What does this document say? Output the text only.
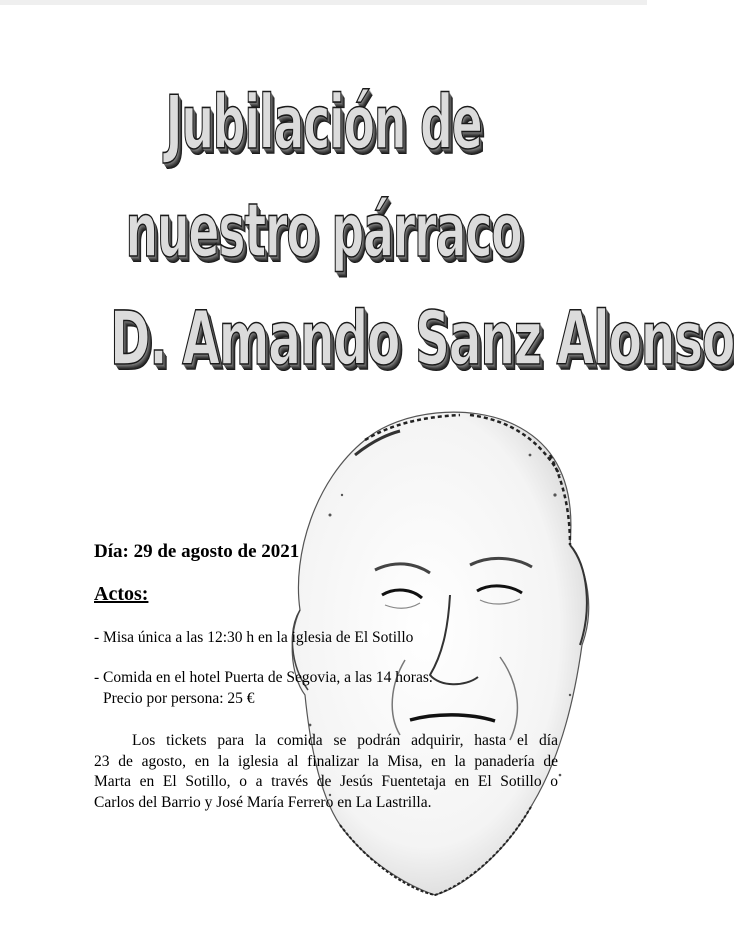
Jubilación de
nuestro párraco
D. Amando Sanz Alonso
Día: 29 de agosto de 2021
Actos:
- Misa única a las 12:30 h en la iglesia de El Sotillo
- Comida en el hotel Puerta de Segovia, a las 14 horas.
Precio por persona: 25 €
Los tickets para la comida se podrán adquirir, hasta el día
23 de agosto, en la iglesia al finalizar la Misa, en la panadería de
Marta en El Sotillo, o a través de Jesús Fuentetaja en El Sotillo o
Carlos del Barrio y José María Ferrero en La Lastrilla.
